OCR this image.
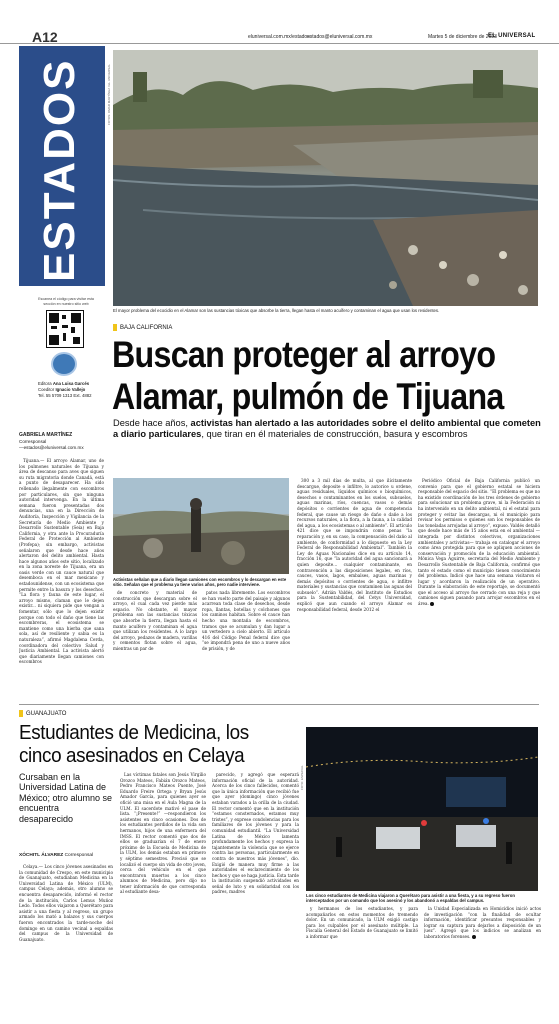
A12	eluniversal.com.mx/estados
estados@eluniversal.com.mx	Martes 5 de diciembre de 2023
EL UNIVERSAL
ESTADOS
Escanea el código para visitar esta sección en nuestro sitio web
Editora Ana Luisa Garcés
Coeditor Ignacio Vallejo
Tel. 55 5709 1313 Ext. 4882
FOTOS: OMAR MARTÍNEZ / EL UNIVERSAL
El mayor problema del ecocidio en el Alamar son las sustancias tóxicas que absorbe la tierra, llegan hasta el manto acuífero y contaminan el agua que usan los residentes.
BAJA CALIFORNIA
Buscan proteger al arroyo
Alamar, pulmón de Tijuana
Desde hace años, activistas han alertado a las autoridades sobre el delito ambiental que cometen a diario particulares, que tiran en él materiales de construcción, basura y escombros
GABRIELA MARTÍNEZ
Corresponsal
—estados@eluniversal.com.mx

Tijuana.— El arroyo Alamar, uno de los pulmones naturales de Tijuana y área de descanso para aves que siguen su ruta migratoria donde Canadá, está a punto de desaparecer. Ha sido rellenado ilegalmente con escombros por particulares, sin que ninguna autoridad intervenga. En la última semana fueron presentadas dos denuncias, una en la Dirección de Auditoría, Inspección y Vigilancia de la Secretaría de Medio Ambiente y Desarrollo Sustentable (Seia) en Baja California, y otra ante la Procuraduría Federal de Protección al Ambiente (Profepa); sin embargo, activistas señalaron que desde hace años alertaron del delito ambiental. Hasta hace algunos años este sitio, localizado en la zona noreste de Tijuana, era un oasis verde con un cauce natural que desemboca en el mar mexicano y estadounidense, con un ecosistema que permite entre la basura y los desechos. “La flora y fauna de este lugar, el arroyo mismo, claman que le dejen existir... ni siquiera pide que vengan a fomentar, sólo que lo dejen existir porque con todo el daño que tiene las escombreras, el ecosistema se mantiene como una hierba que sana sola, así de resiliente y sabia es la naturaleza”, afirmó Magdalena Cerda, coordinadora del colectivo Salud y Justicia Ambiental. La activista alertó que diariamente llegan camiones con escombros

Activistas señalan que a diario llegan camiones con escombros y lo descargan en este sitio. Señalan que el problema ya tiene varios años, pero nadie interviene.

de concreto y material de construcción que descargan sobre el arroyo, el cual cada vez pierde más espacio. No obstante, el mayor problema son las sustancias tóxicas que absorbe la tierra, llegan hasta el manto acuífero y contaminan el agua que utilizan los residentes. A lo largo del arroyo, pedazos de madera, varillas y cementos flotan sobre el agua, mientras un par de

patos nada libremente. Los escombros se han vuelto parte del paisaje y algunos acarrean toda clase de desechos, desde ropa, llantas, botellas y colchones que los caminos habitan. Sobre el cauce han hecho una montaña de escombros, tramos que se acumulan y dan lugar a un vertedero a cielo abierto. El artículo 416 del Código Penal federal dice que “se impondrá pena de uno a nueve años de prisión, y de

300 a 3 mil días de multa, al que ilícitamente descargue, deposite o infiltre, lo autorice u ordene, aguas residuales, líquidos químicos o bioquímicos, desechos o contaminantes en los suelos, subsuelos, aguas marinas, ríos, cuencas, vasos o demás depósitos o corrientes de agua de competencia federal, que cause un riesgo de daño o dañe a los recursos naturales, a la flora, a la fauna, a la calidad del agua, a los ecosistemas o al ambiente”. El artículo 421 dice que se impondrán como penas “la reparación y, en su caso, la compensación del daño al ambiente, de conformidad a lo dispuesto en la Ley Federal de Responsabilidad Ambiental”. También la Ley de Aguas Nacionales dice en su artículo 14, fracción 16, que “la autoridad del agua sancionará a quien deposite... cualquier contaminante, en contravención a las disposiciones legales, en ríos, cauces, vasos, lagos, embalses, aguas marinas y demás depósitos o corrientes de agua, o infiltre materiales y sustancias que contaminen las aguas del subsuelo”. Adrián Valdés, del Instituto de Estudios para la Sustentabilidad, del Cetys Universidad, explicó que aun cuando el arroyo Alamar es responsabilidad federal, desde 2012 el

Periódico Oficial de Baja California publicó un convenio para que el gobierno estatal se hiciera responsable del espacio del sitio. “El problema es que no ha existido coordinación de los tres órdenes de gobierno para solucionar un problema grave, ni la Federación ni ha intervenido en un delito ambiental, ni el estatal para proteger y evitar las descargas, ni el municipio para revisar los permisos e quienes son los responsables de las toneladas arrojadas al arroyo”, expuso. Valdés detalló que desde hace más de 15 años está en el ambiental —integrada por distintos colectivos, organizaciones ambientales y activistas— trabaja en catalogar el arroyo como área protegida para que se apliquen acciones de conservación y promoción de la educación ambiental. Mónica Vega Aguirre, secretaria del Medio Ambiente y Desarrollo Sustentable de Baja California, confirmó que tanto el estado como el municipio tienen conocimiento del problema. Indicó que hace una semana visitaron el lugar y acordaron la realización de un operativo. Durante la elaboración de este reportaje, se documentó que el acceso al arroyo fue cerrado con una reja y que camiones siguen pasando para arrojar escombros en el área.

GUANAJUATO
Estudiantes de Medicina, los
cinco asesinados en Celaya
Cursaban en la Universidad Latina de México; otro alumno se encuentra desaparecido
XÓCHITL ÁLVAREZ Corresponsal

Celaya.— Los cinco jóvenes asesinados en la comunidad de Crespo, en este municipio de Guanajuato, estudiaban Medicina en la Universidad Latina de México (ULM), campus Celaya; además, otro alumno se encuentra desaparecido, informó el rector de la institución, Carlos Lemus Muñoz Ledo. Todos ellos viajaron a Querétaro para asistir a una fiesta y al regreso, un grupo armado los mató a balazos y sus cuerpos fueron encontrados la tarde-noche del domingo en un camino vecinal a espaldas del campus de la Universidad de Guanajuato.

Las víctimas fatales son Jesús Virgilio Orozco Mateos, Fabián Orozco Mateos, Pedro Francisco Mateos Puente, José Eduardo Freire Ortega y Bryan Jesús Amador García, para quienes ayer se ofició una misa en el Aula Magna de la ULM. El sacerdote mativó el pase de lista. “¡Presente!” —respondieron los asistentes en cinco ocasiones. Dos de los estudiantes perdidos de la vida son hermanos, hijos de una enfermera del IMSS. El rector comentó que dos de ellos se graduarían el 7 de enero próximo de la Escuela de Medicina de la ULM, los demás estaban en primero y séptimo semestres. Precisó que se localizó el cuerpo sin vida de otro joven, cerca del vehículo en el que encontraron muertos a los cinco alumnos de Medicina, pero dijo no tener información de que corresponda al estudiante desa-

parecido, y agregó que esperará información oficial de la autoridad. Acerca de los cinco fallecidos, comentó que la única información que recibió fue que ayer (domingo) cinco jóvenes estaban varados a la orilla de la ciudad. El rector comentó que en la institución “estamos consternados, estamos muy tristes”, y exprese condolencias para los familiares de los jóvenes y para la comunidad estudiantil. “La Universidad Latina de México lamenta profundamente los hechos y expresa la tajantemente la violencia que se ejerce contra las personas, particularmente en contra de nuestros más jóvenes”, dio. Exigió de manera muy firme a las autoridades el esclarecimiento de los hechos y que se haga justicia. Esta tarde la institución suspendió actividades en señal de luto y en solidaridad con los padres, madres

y hermanos de los estudiantes, y para acompañarlos en estos momentos de tremendo dolor. En un comunicado, la ULM exigió castigo para los culpables por el asesinato múltiple. La Fiscalía General del Estado de Guanajuato se limitó a informar que

la Unidad Especializada en Homicidios inició actos de investigación “con la finalidad de ocultar información, identificar presuntos responsables y lograr su captura para dejarlos a disposición de un juez”. Agregó que los indicios se analizan en laboratorios forenses.

FOTO: ESPECIAL
Los cinco estudiantes de Medicina viajaron a Querétaro para asistir a una fiesta, y a su regreso fueron interceptados por un comando que los asesinó y los abandonó a espaldas del campus.
